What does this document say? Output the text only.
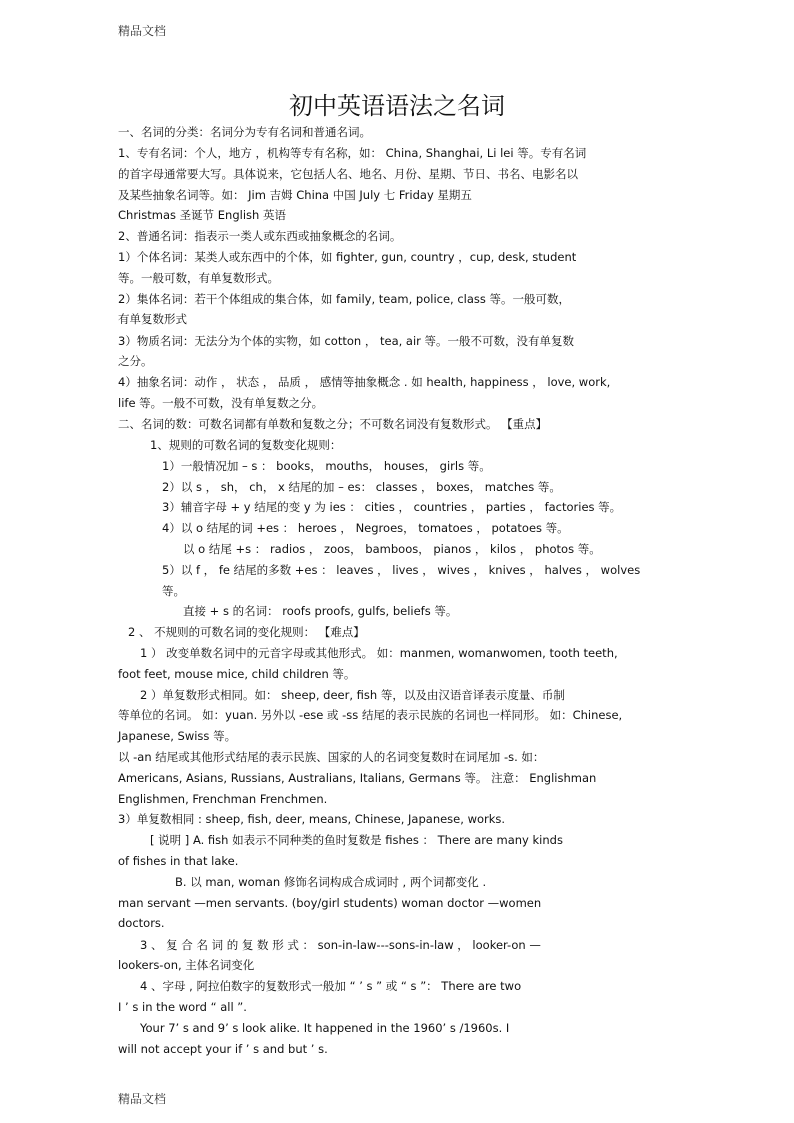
精品文档
初中英语语法之名词
一、名词的分类：名词分为专有名词和普通名词。
1、专有名词：个人，地方 ，机构等专有名称，如： China, Shanghai, Li lei 等。专有名词
的首字母通常要大写。具体说来，它包括人名、地名、月份、星期、节日、书名、电影名以
及某些抽象名词等。如： Jim 吉姆 China 中国 July 七 Friday 星期五
Christmas 圣诞节 English 英语
2、普通名词：指表示一类人或东西或抽象概念的名词。
1）个体名词：某类人或东西中的个体，如 fighter, gun, country ，cup, desk, student
等。一般可数，有单复数形式。
2）集体名词：若干个体组成的集合体，如 family, team, police, class 等。一般可数，
有单复数形式
3）物质名词：无法分为个体的实物，如 cotton ， tea, air 等。一般不可数，没有单复数
之分。
4）抽象名词：动作 ， 状态 ， 品质 ， 感情等抽象概念 . 如 health, happiness ， love, work,
life 等。一般不可数，没有单复数之分。
二、名词的数：可数名词都有单数和复数之分；不可数名词没有复数形式。 【重点】
1、规则的可数名词的复数变化规则：
1）一般情况加 – s ： books， mouths， houses， girls 等。
2）以 s ， sh， ch， x 结尾的加 – es： classes ， boxes， matches 等。
3）辅音字母 + y 结尾的变 y 为 ies ： cities ， countries ， parties ， factories 等。
4）以 o 结尾的词 +es ： heroes ， Negroes， tomatoes ， potatoes 等。
以 o 结尾 +s ： radios ， zoos， bamboos， pianos ， kilos ， photos 等。
5）以 f ， fe 结尾的多数 +es ： leaves ， lives ， wives ， knives ， halves ， wolves
等。
直接 + s 的名词： roofs proofs, gulfs, beliefs 等。
2 、 不规则的可数名词的变化规则： 【难点】
1 ） 改变单数名词中的元音字母或其他形式。 如：manmen, womanwomen, tooth teeth,
foot feet, mouse mice, child children 等。
2 ）单复数形式相同。如： sheep, deer, fish 等，以及由汉语音译表示度量、币制
等单位的名词。 如：yuan. 另外以 -ese 或 -ss 结尾的表示民族的名词也一样同形。 如：Chinese,
Japanese, Swiss 等。
以 -an 结尾或其他形式结尾的表示民族、国家的人的名词变复数时在词尾加 -s. 如：
Americans, Asians, Russians, Australians, Italians, Germans 等。 注意： Englishman
Englishmen, Frenchman Frenchmen.
3）单复数相同 : sheep, fish, deer, means, Chinese, Japanese, works.
[ 说明 ] A. fish 如表示不同种类的鱼时复数是 fishes ： There are many kinds
of fishes in that lake.
B. 以 man, woman 修饰名词构成合成词时 , 两个词都变化 .
man servant —men servants. (boy/girl students) woman doctor —women
doctors.
3 、 复 合 名 词 的 复 数 形 式 ： son-in-law---sons-in-law ， looker-on —
lookers-on, 主体名词变化
4 、字母 , 阿拉伯数字的复数形式一般加 “ ’ s ” 或 “ s ”： There are two
I ’ s in the word “ all ”.
Your 7’ s and 9’ s look alike. It happened in the 1960’ s /1960s. I
will not accept your if ’ s and but ’ s.
精品文档
